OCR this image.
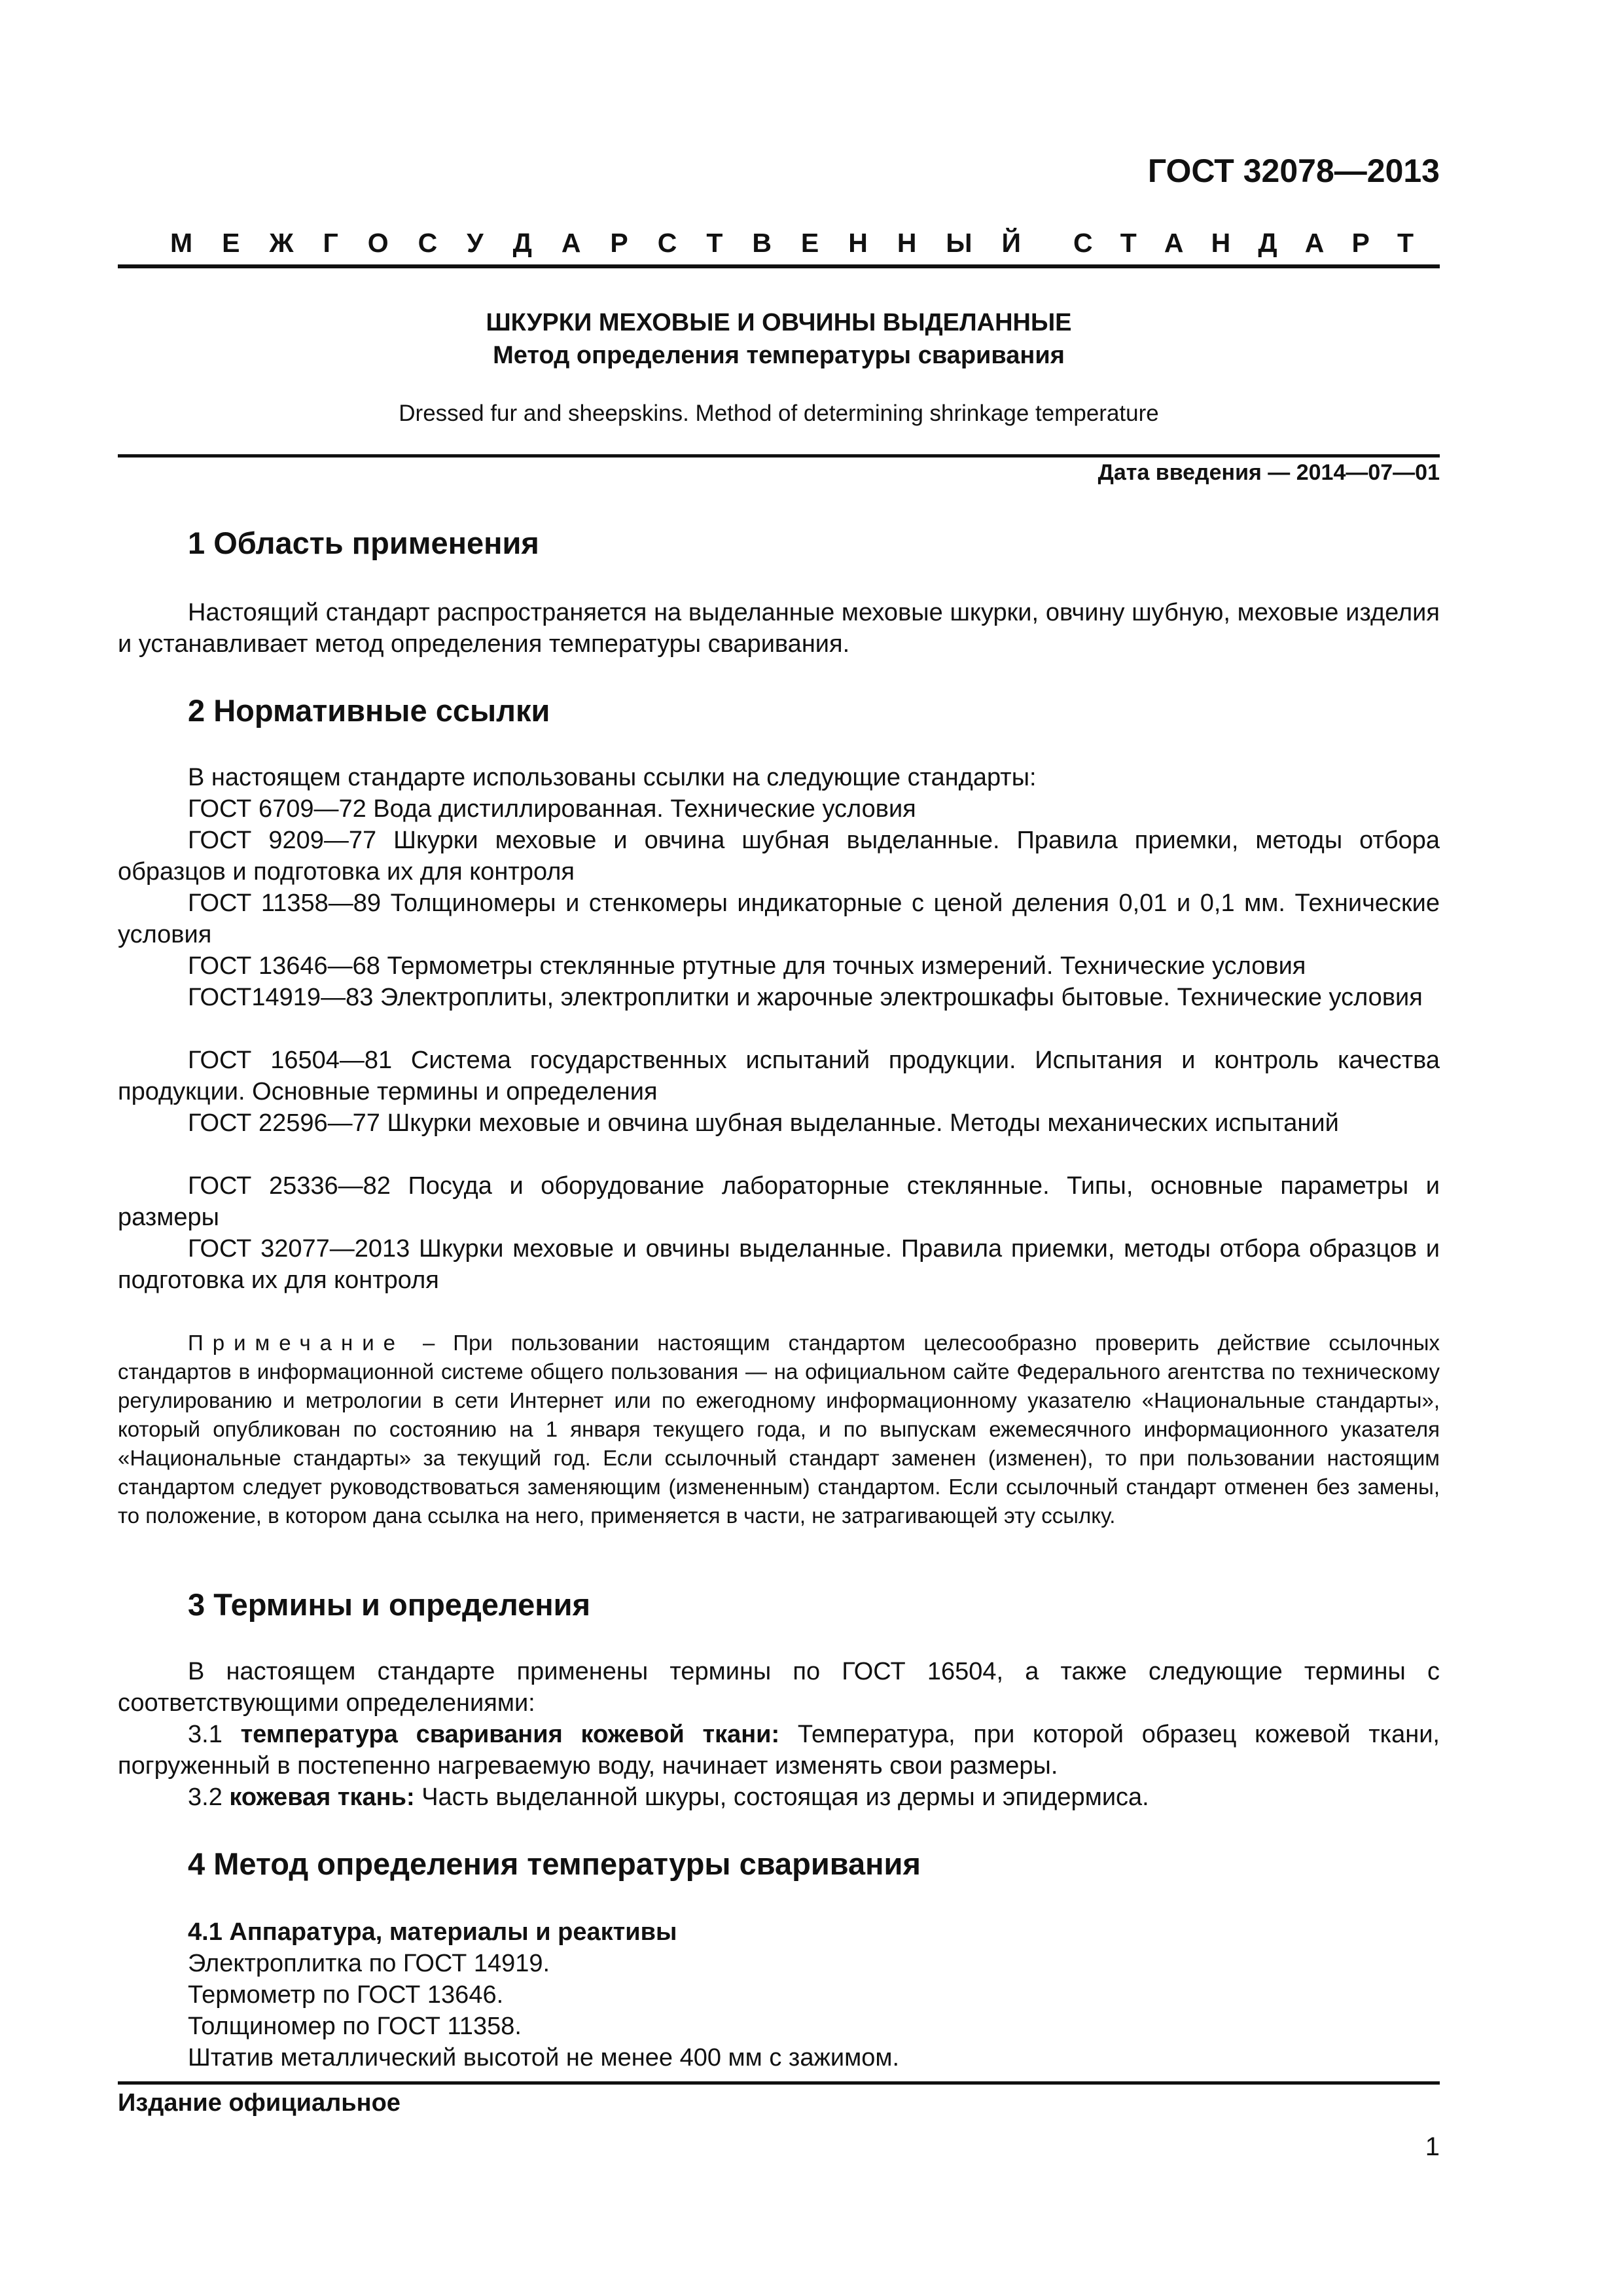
ГОСТ 32078—2013
М Е Ж Г О С У Д А Р С Т В Е Н Н Ы Й С Т А Н Д А Р Т
ШКУРКИ МЕХОВЫЕ И ОВЧИНЫ ВЫДЕЛАННЫЕ
Метод определения температуры сваривания
Dressed fur and sheepskins. Method of determining shrinkage temperature
Дата введения — 2014—07—01
1 Область применения
Настоящий стандарт распространяется на выделанные меховые шкурки, овчину шубную, меховые изделия и устанавливает метод определения температуры сваривания.
2 Нормативные ссылки
В настоящем стандарте использованы ссылки на следующие стандарты:
ГОСТ 6709—72 Вода дистиллированная. Технические условия
ГОСТ 9209—77 Шкурки меховые и овчина шубная выделанные. Правила приемки, методы отбора образцов и подготовка их для контроля
ГОСТ 11358—89 Толщиномеры и стенкомеры индикаторные с ценой деления 0,01 и 0,1 мм. Технические условия
ГОСТ 13646—68 Термометры стеклянные ртутные для точных измерений. Технические условия
ГОСТ14919—83 Электроплиты, электроплитки и жарочные электрошкафы бытовые. Технические условия
ГОСТ 16504—81 Система государственных испытаний продукции. Испытания и контроль качества продукции. Основные термины и определения
ГОСТ 22596—77 Шкурки меховые и овчина шубная выделанные. Методы механических испытаний
ГОСТ 25336—82 Посуда и оборудование лабораторные стеклянные. Типы, основные параметры и размеры
ГОСТ 32077—2013 Шкурки меховые и овчины выделанные. Правила приемки, методы отбора образцов и подготовка их для контроля
Примечание – При пользовании настоящим стандартом целесообразно проверить действие ссылочных стандартов в информационной системе общего пользования — на официальном сайте Федерального агентства по техническому регулированию и метрологии в сети Интернет или по ежегодному информационному указателю «Национальные стандарты», который опубликован по состоянию на 1 января текущего года, и по выпускам ежемесячного информационного указателя «Национальные стандарты» за текущий год. Если ссылочный стандарт заменен (изменен), то при пользовании настоящим стандартом следует руководствоваться заменяющим (измененным) стандартом. Если ссылочный стандарт отменен без замены, то положение, в котором дана ссылка на него, применяется в части, не затрагивающей эту ссылку.
3 Термины и определения
В настоящем стандарте применены термины по ГОСТ 16504, а также следующие термины с соответствующими определениями:
3.1 температура сваривания кожевой ткани: Температура, при которой образец кожевой ткани, погруженный в постепенно нагреваемую воду, начинает изменять свои размеры.
3.2 кожевая ткань: Часть выделанной шкуры, состоящая из дермы и эпидермиса.
4 Метод определения температуры сваривания
4.1 Аппаратура, материалы и реактивы
Электроплитка по ГОСТ 14919.
Термометр по ГОСТ 13646.
Толщиномер по ГОСТ 11358.
Штатив металлический высотой не менее 400 мм с зажимом.
Издание официальное
1
